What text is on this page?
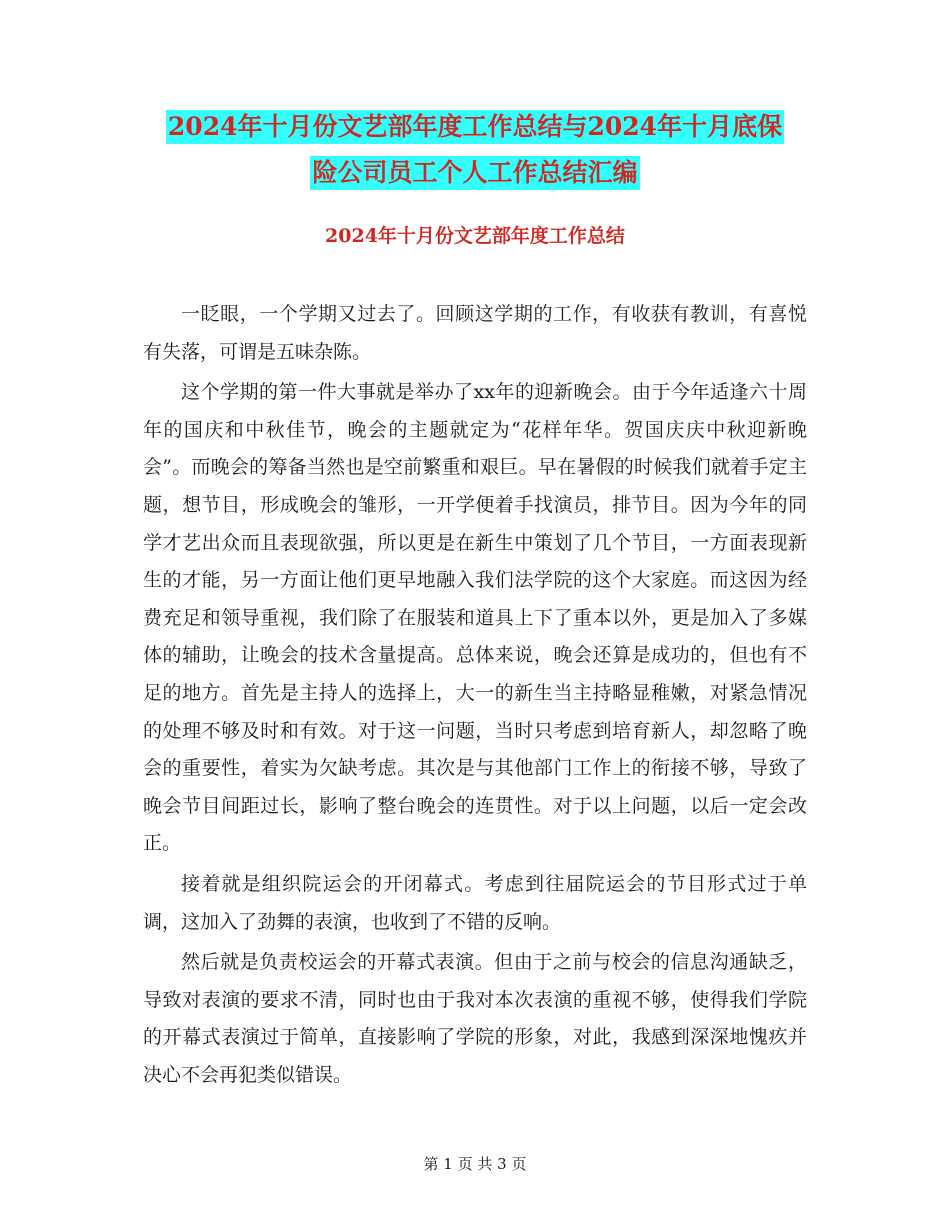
2024年十月份文艺部年度工作总结与2024年十月底保
险公司员工个人工作总结汇编
2024年十月份文艺部年度工作总结

一眨眼，一个学期又过去了。回顾这学期的工作，有收获有教训，有喜悦有失落，可谓是五味杂陈。

这个学期的第一件大事就是举办了xx年的迎新晚会。由于今年适逢六十周年的国庆和中秋佳节，晚会的主题就定为“花样年华。贺国庆庆中秋迎新晚会”。而晚会的筹备当然也是空前繁重和艰巨。早在暑假的时候我们就着手定主题，想节目，形成晚会的雏形，一开学便着手找演员，排节目。因为今年的同学才艺出众而且表现欲强，所以更是在新生中策划了几个节目，一方面表现新生的才能，另一方面让他们更早地融入我们法学院的这个大家庭。而这因为经费充足和领导重视，我们除了在服装和道具上下了重本以外，更是加入了多媒体的辅助，让晚会的技术含量提高。总体来说，晚会还算是成功的，但也有不足的地方。首先是主持人的选择上，大一的新生当主持略显稚嫩，对紧急情况的处理不够及时和有效。对于这一问题，当时只考虑到培育新人，却忽略了晚会的重要性，着实为欠缺考虑。其次是与其他部门工作上的衔接不够，导致了晚会节目间距过长，影响了整台晚会的连贯性。对于以上问题，以后一定会改正。

接着就是组织院运会的开闭幕式。考虑到往届院运会的节目形式过于单调，这加入了劲舞的表演，也收到了不错的反响。

然后就是负责校运会的开幕式表演。但由于之前与校会的信息沟通缺乏，导致对表演的要求不清，同时也由于我对本次表演的重视不够，使得我们学院的开幕式表演过于简单，直接影响了学院的形象，对此，我感到深深地愧疚并决心不会再犯类似错误。

第 1 页 共 3 页
